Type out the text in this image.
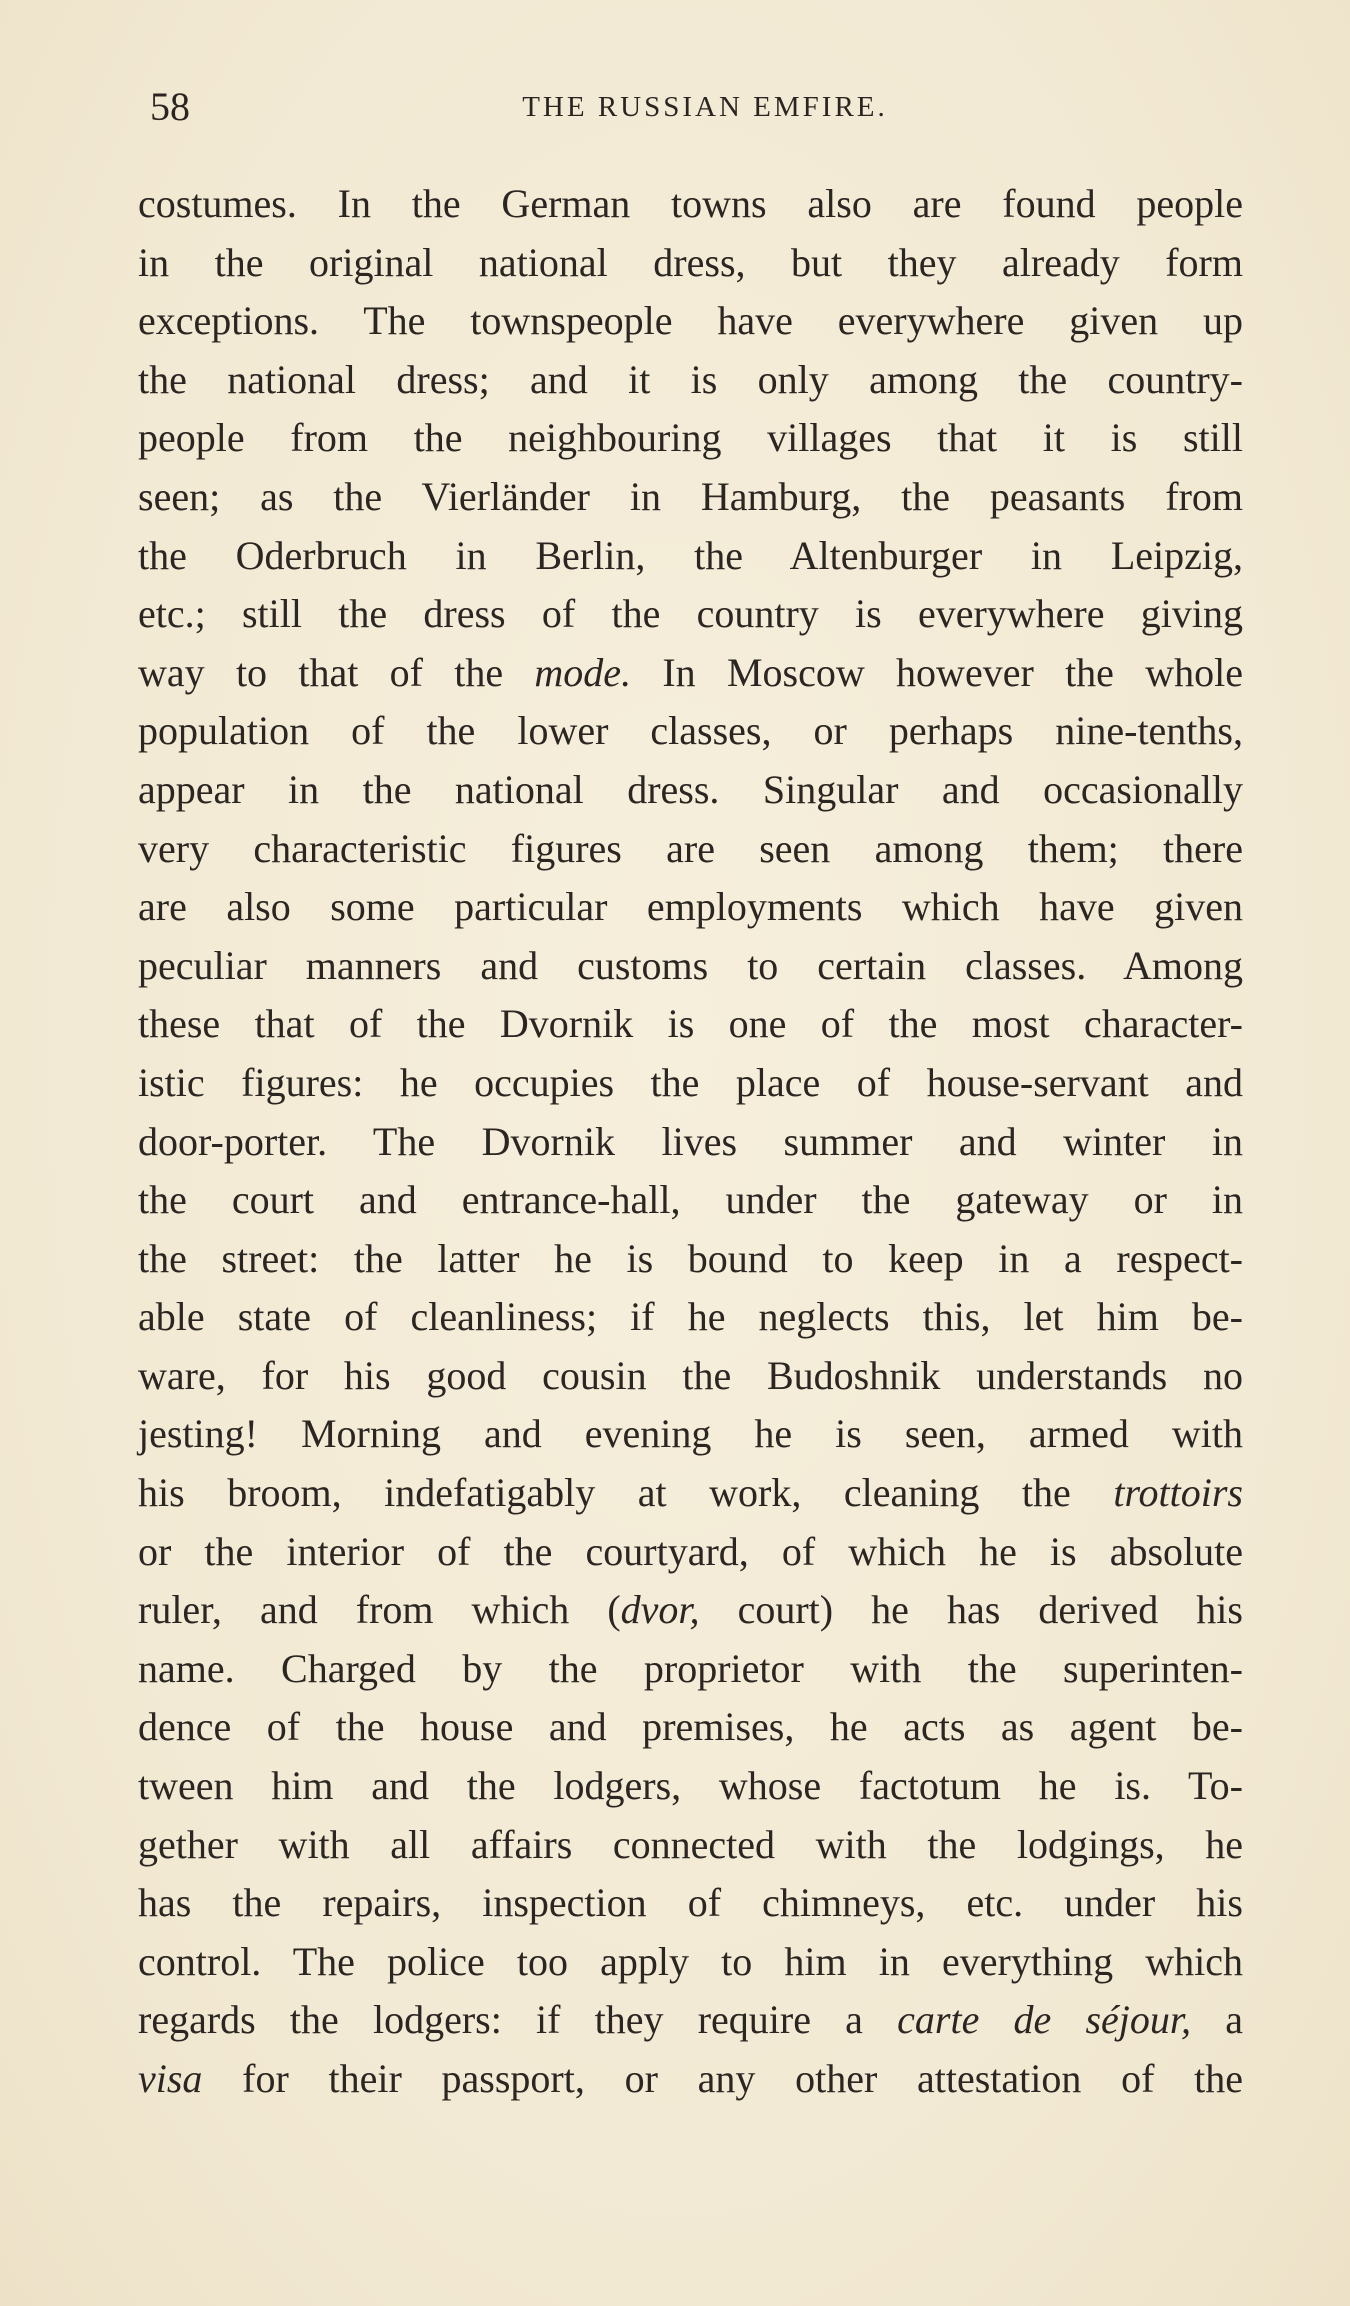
58	THE RUSSIAN EMFIRE.
costumes. In the German towns also are found people
in the original national dress, but they already form
exceptions. The townspeople have everywhere given up
the national dress; and it is only among the country-
people from the neighbouring villages that it is still
seen; as the Vierländer in Hamburg, the peasants from
the Oderbruch in Berlin, the Altenburger in Leipzig,
etc.; still the dress of the country is everywhere giving
way to that of the mode. In Moscow however the whole
population of the lower classes, or perhaps nine-tenths,
appear in the national dress. Singular and occasionally
very characteristic figures are seen among them; there
are also some particular employments which have given
peculiar manners and customs to certain classes. Among
these that of the Dvornik is one of the most character-
istic figures: he occupies the place of house-servant and
door-porter. The Dvornik lives summer and winter in
the court and entrance-hall, under the gateway or in
the street: the latter he is bound to keep in a respect-
able state of cleanliness; if he neglects this, let him be-
ware, for his good cousin the Budoshnik understands no
jesting! Morning and evening he is seen, armed with
his broom, indefatigably at work, cleaning the trottoirs
or the interior of the courtyard, of which he is absolute
ruler, and from which (dvor, court) he has derived his
name. Charged by the proprietor with the superinten-
dence of the house and premises, he acts as agent be-
tween him and the lodgers, whose factotum he is. To-
gether with all affairs connected with the lodgings, he
has the repairs, inspection of chimneys, etc. under his
control. The police too apply to him in everything which
regards the lodgers: if they require a carte de séjour, a
visa for their passport, or any other attestation of the
